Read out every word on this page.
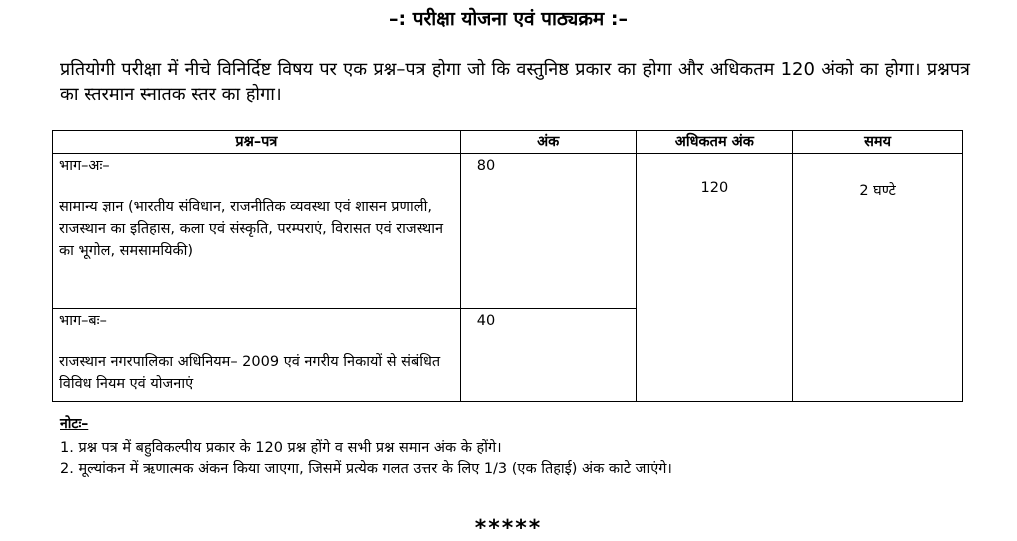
–: परीक्षा योजना एवं पाठ्यक्रम :–
प्रतियोगी परीक्षा में नीचे विनिर्दिष्ट विषय पर एक प्रश्न–पत्र होगा जो कि वस्तुनिष्ठ प्रकार का होगा और अधिकतम 120 अंको का होगा। प्रश्नपत्र का स्तरमान स्नातक स्तर का होगा।
प्रश्न–पत्र	अंक	अधिकतम अंक	समय

भाग–अः–
सामान्य ज्ञान (भारतीय संविधान, राजनीतिक व्यवस्था एवं शासन प्रणाली, राजस्थान का इतिहास, कला एवं संस्कृति, परम्पराएं, विरासत एवं राजस्थान का भूगोल, समसामयिकी)	80	120	2 घण्टे

भाग–बः–
राजस्थान नगरपालिका अधिनियम– 2009 एवं नगरीय निकायों से संबंधित विविध नियम एवं योजनाएं	40		
नोटः–
1. प्रश्न पत्र में बहुविकल्पीय प्रकार के 120 प्रश्न होंगे व सभी प्रश्न समान अंक के होंगे।
2. मूल्यांकन में ऋणात्मक अंकन किया जाएगा, जिसमें प्रत्येक गलत उत्तर के लिए 1/3 (एक तिहाई) अंक काटे जाएंगे।
*****
